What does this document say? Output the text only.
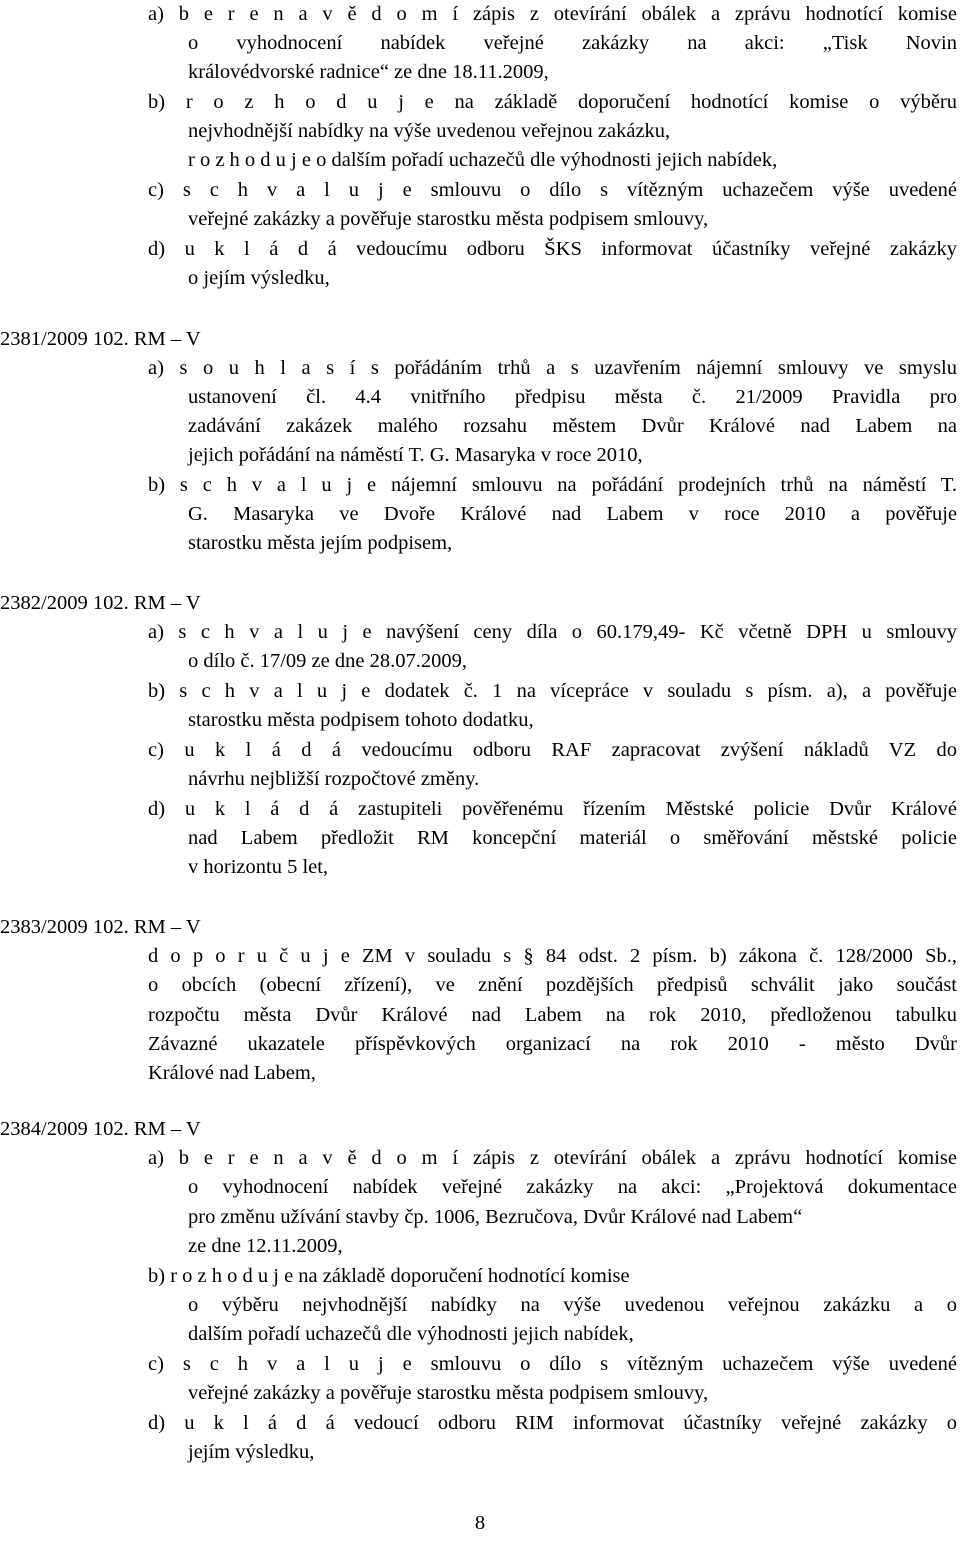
a) b e r e n a v ě d o m í zápis z otevírání obálek a zprávu hodnotící komise
o vyhodnocení nabídek veřejné zakázky na akci: „Tisk Novin
královédvorské radnice“ ze dne 18.11.2009,
b) r o z h o d u j e na základě doporučení hodnotící komise o výběru
nejvhodnější nabídky na výše uvedenou veřejnou zakázku,
r o z h o d u j e o dalším pořadí uchazečů dle výhodnosti jejich nabídek,
c) s c h v a l u j e smlouvu o dílo s vítězným uchazečem výše uvedené
veřejné zakázky a pověřuje starostku města podpisem smlouvy,
d) u k l á d á vedoucímu odboru ŠKS informovat účastníky veřejné zakázky
o jejím výsledku,
2381/2009 102. RM – V
a) s o u h l a s í s pořádáním trhů a s uzavřením nájemní smlouvy ve smyslu
ustanovení čl. 4.4 vnitřního předpisu města č. 21/2009 Pravidla pro
zadávání zakázek malého rozsahu městem Dvůr Králové nad Labem na
jejich pořádání na náměstí T. G. Masaryka v roce 2010,
b) s c h v a l u j e nájemní smlouvu na pořádání prodejních trhů na náměstí T.
G. Masaryka ve Dvoře Králové nad Labem v roce 2010 a pověřuje
starostku města jejím podpisem,
2382/2009 102. RM – V
a) s c h v a l u j e navýšení ceny díla o 60.179,49- Kč včetně DPH u smlouvy
o dílo č. 17/09 ze dne 28.07.2009,
b) s c h v a l u j e dodatek č. 1 na vícepráce v souladu s písm. a), a pověřuje
starostku města podpisem tohoto dodatku,
c) u k l á d á vedoucímu odboru RAF zapracovat zvýšení nákladů VZ do
návrhu nejbližší rozpočtové změny.
d) u k l á d á zastupiteli pověřenému řízením Městské policie Dvůr Králové
nad Labem předložit RM koncepční materiál o směřování městské policie
v horizontu 5 let,
2383/2009 102. RM – V
d o p o r u č u j e ZM v souladu s § 84 odst. 2 písm. b) zákona č. 128/2000 Sb.,
o obcích (obecní zřízení), ve znění pozdějších předpisů schválit jako součást
rozpočtu města Dvůr Králové nad Labem na rok 2010, předloženou tabulku
Závazné ukazatele příspěvkových organizací na rok 2010 - město Dvůr
Králové nad Labem,
2384/2009 102. RM – V
a) b e r e n a v ě d o m í zápis z otevírání obálek a zprávu hodnotící komise
o vyhodnocení nabídek veřejné zakázky na akci: „Projektová dokumentace
pro změnu užívání stavby čp. 1006, Bezručova, Dvůr Králové nad Labem“
ze dne 12.11.2009,
b) r o z h o d u j e na základě doporučení hodnotící komise
o výběru nejvhodnější nabídky na výše uvedenou veřejnou zakázku a o
dalším pořadí uchazečů dle výhodnosti jejich nabídek,
c) s c h v a l u j e smlouvu o dílo s vítězným uchazečem výše uvedené
veřejné zakázky a pověřuje starostku města podpisem smlouvy,
d) u k l á d á vedoucí odboru RIM informovat účastníky veřejné zakázky o
jejím výsledku,
8
